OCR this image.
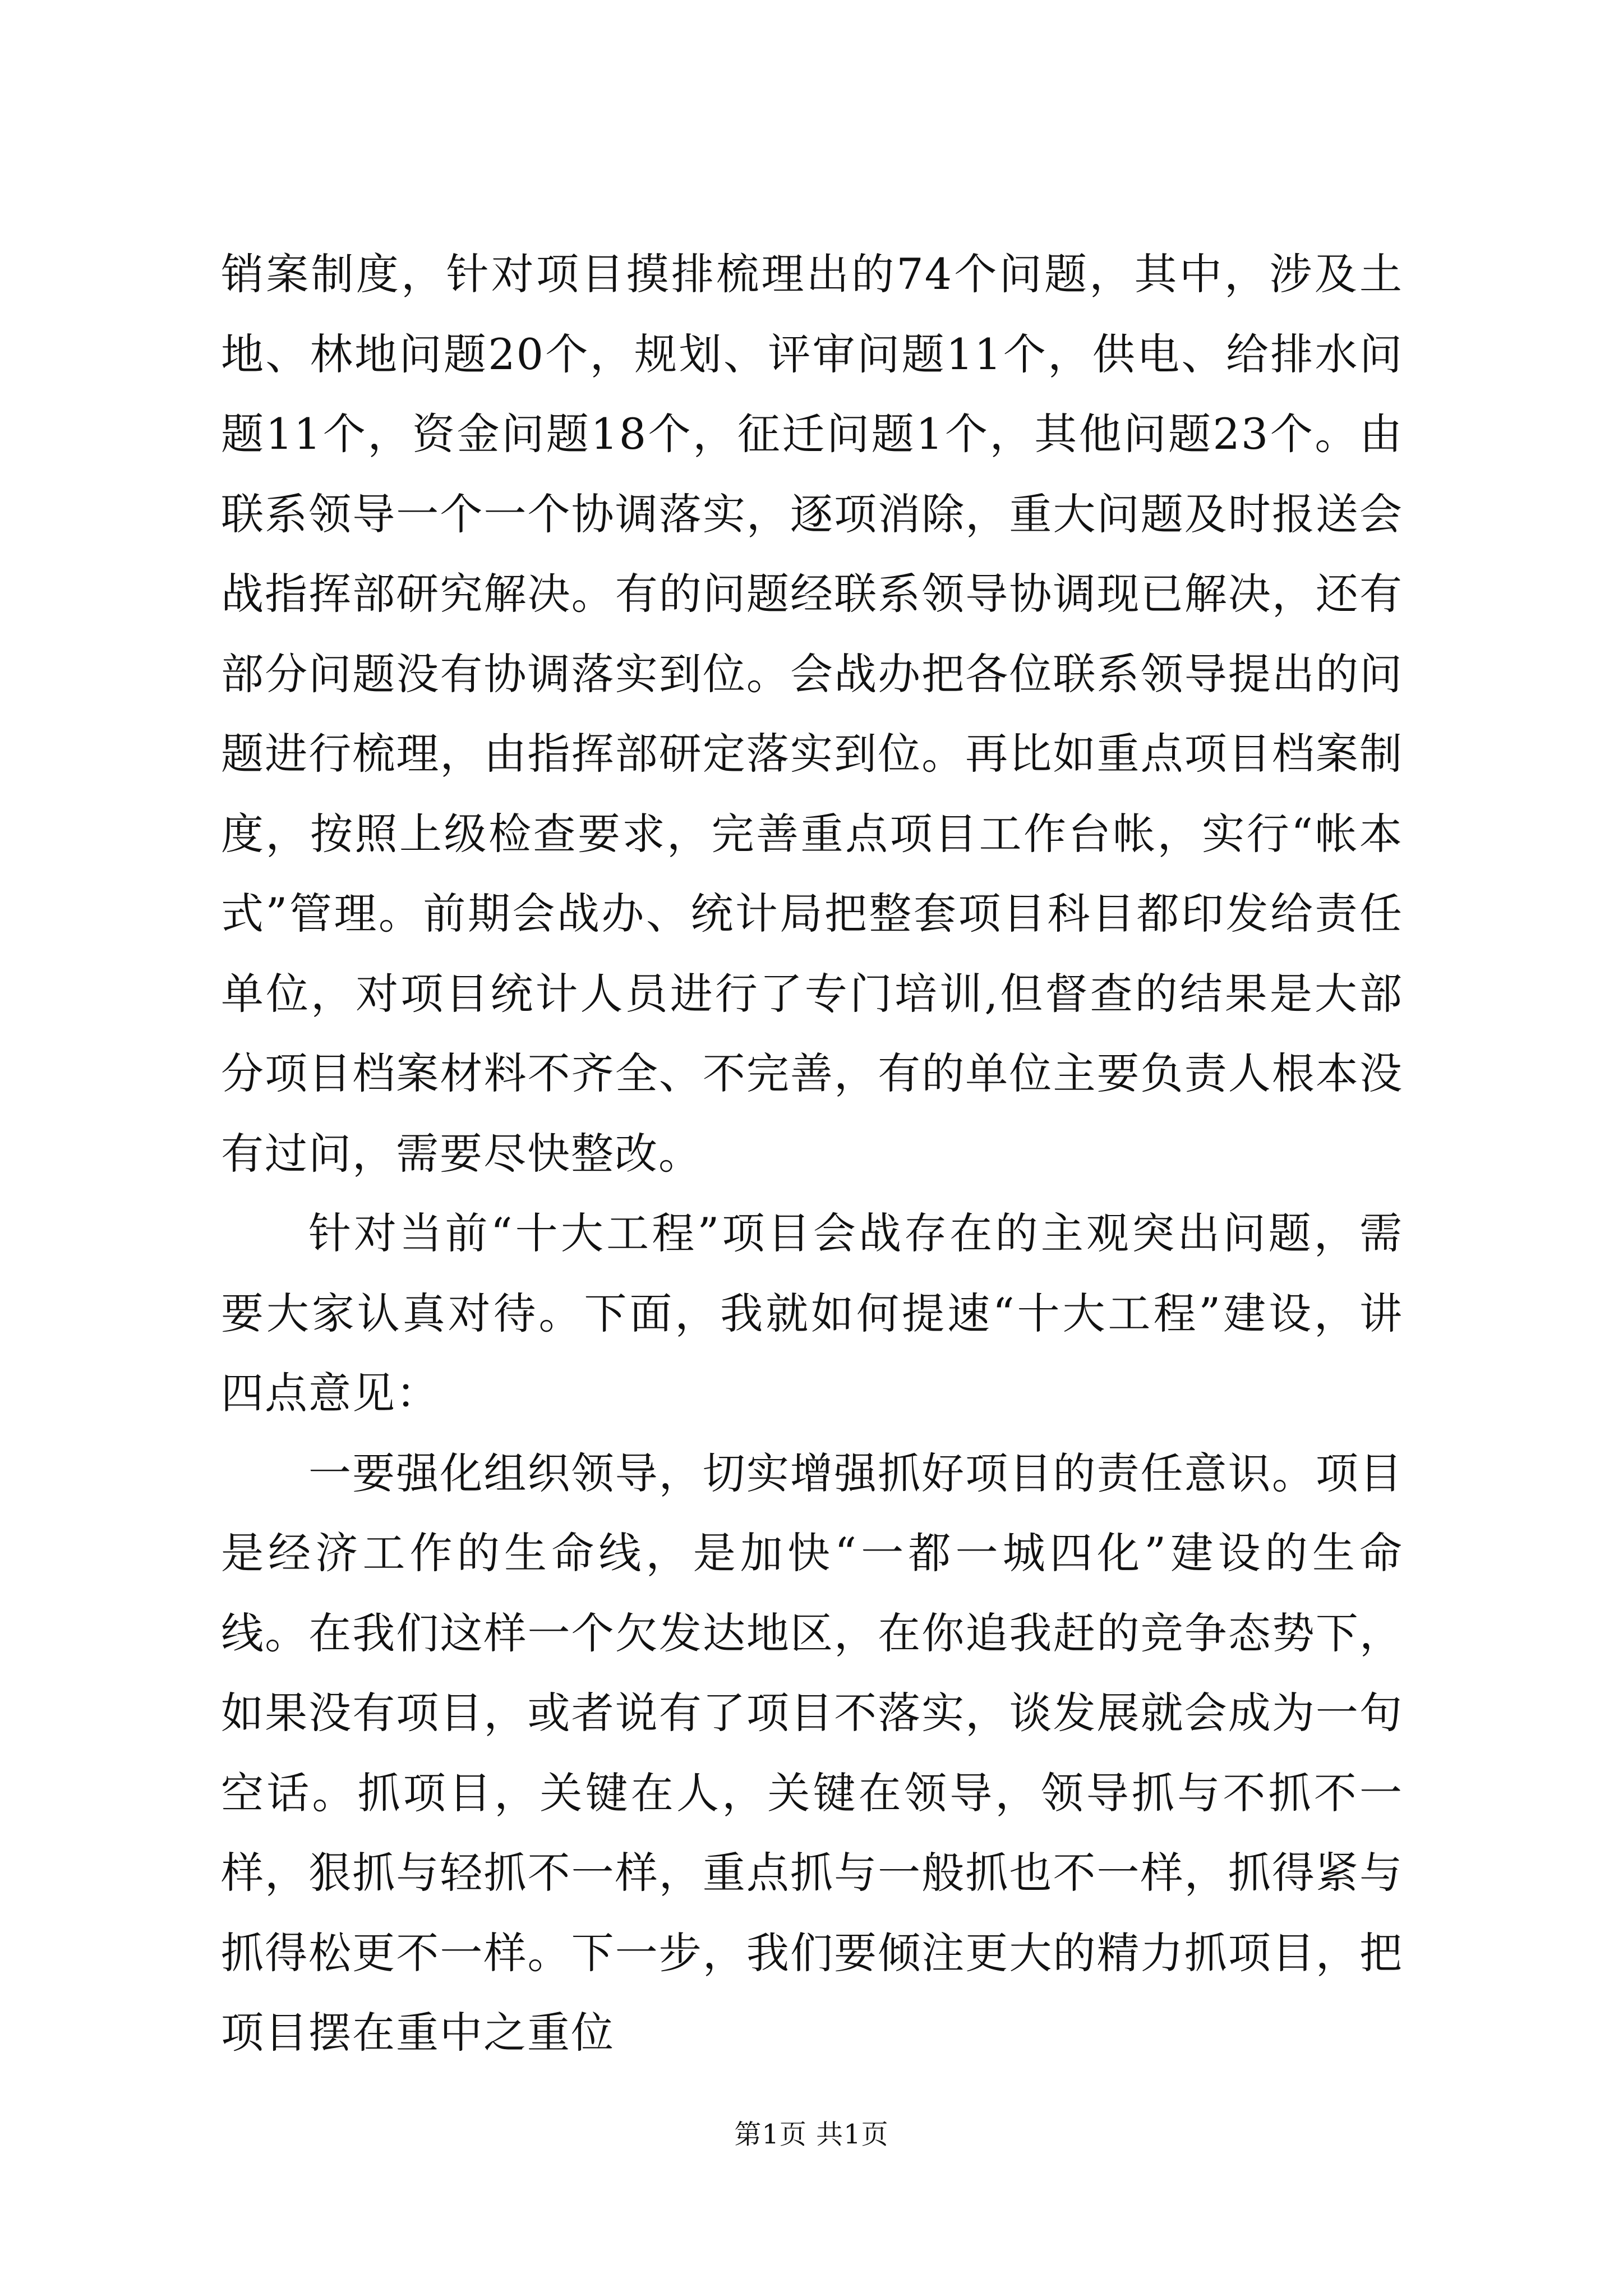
销案制度，针对项目摸排梳理出的74个问题，其中，涉及土地、林地问题20个，规划、评审问题11个，供电、给排水问题11个，资金问题18个，征迁问题1个，其他问题23个。由联系领导一个一个协调落实，逐项消除，重大问题及时报送会战指挥部研究解决。有的问题经联系领导协调现已解决，还有部分问题没有协调落实到位。会战办把各位联系领导提出的问题进行梳理，由指挥部研定落实到位。再比如重点项目档案制度，按照上级检查要求，完善重点项目工作台帐，实行“帐本式”管理。前期会战办、统计局把整套项目科目都印发给责任单位，对项目统计人员进行了专门培训,但督查的结果是大部分项目档案材料不齐全、不完善，有的单位主要负责人根本没有过问，需要尽快整改。

针对当前“十大工程”项目会战存在的主观突出问题，需要大家认真对待。下面，我就如何提速“十大工程”建设，讲四点意见：

一要强化组织领导，切实增强抓好项目的责任意识。项目是经济工作的生命线，是加快“一都一城四化”建设的生命线。在我们这样一个欠发达地区，在你追我赶的竞争态势下，如果没有项目，或者说有了项目不落实，谈发展就会成为一句空话。抓项目，关键在人，关键在领导，领导抓与不抓不一样，狠抓与轻抓不一样，重点抓与一般抓也不一样，抓得紧与抓得松更不一样。下一步，我们要倾注更大的精力抓项目，把项目摆在重中之重位

第1页 共1页
